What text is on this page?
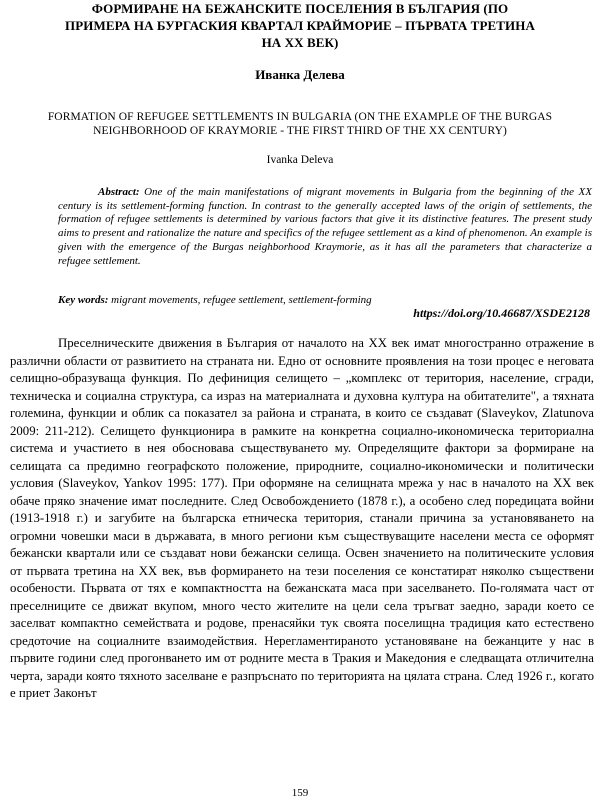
ФОРМИРАНЕ НА БЕЖАНСКИТЕ ПОСЕЛЕНИЯ В БЪЛГАРИЯ (ПО ПРИМЕРА НА БУРГАСКИЯ КВАРТАЛ КРАЙМОРИЕ – ПЪРВАТА ТРЕТИНА НА ХХ ВЕК)
Иванка Делева
FORMATION OF REFUGEE SETTLEMENTS IN BULGARIA (ON THE EXAMPLE OF THE BURGAS NEIGHBORHOOD OF KRAYMORIE - THE FIRST THIRD OF THE XX CENTURY)
Ivanka Deleva
Abstract: One of the main manifestations of migrant movements in Bulgaria from the beginning of the XX century is its settlement-forming function. In contrast to the generally accepted laws of the origin of settlements, the formation of refugee settlements is determined by various factors that give it its distinctive features. The present study aims to present and rationalize the nature and specifics of the refugee settlement as a kind of phenomenon. An example is given with the emergence of the Burgas neighborhood Kraymorie, as it has all the parameters that characterize a refugee settlement.
Key words: migrant movements, refugee settlement, settlement-forming
https://doi.org/10.46687/XSDE2128
Преселническите движения в България от началото на ХХ век имат многостранно отражение в различни области от развитието на страната ни. Едно от основните проявления на този процес е неговата селищно-образуваща функция. По дефиниция селището – „комплекс от територия, население, сгради, техническа и социална структура, са израз на материалната и духовна култура на обитателите", а тяхната големина, функции и облик са показател за района и страната, в които се създават (Slaveykov, Zlatunova 2009: 211-212). Селището функционира в рамките на конкретна социално-икономическа териториална система и участието в нея обосновава съществуването му. Определящите фактори за формиране на селищата са предимно географското положение, природните, социално-икономически и политически условия (Slaveykov, Yankov 1995: 177). При оформяне на селищната мрежа у нас в началото на ХХ век обаче пряко значение имат последните. След Освобождението (1878 г.), а особено след поредицата войни (1913-1918 г.) и загубите на българска етническа територия, станали причина за установяването на огромни човешки маси в държавата, в много региони към съществуващите населени места се оформят бежански квартали или се създават нови бежански селища. Освен значението на политическите условия от първата третина на ХХ век, във формирането на тези поселения се констатират няколко съществени особености. Първата от тях е компактността на бежанската маса при заселването. По-голямата част от преселниците се движат вкупом, много често жителите на цели села тръгват заедно, заради което се заселват компактно семействата и родове, пренасяйки тук своята поселищна традиция като естествено средоточие на социалните взаимодействия. Нерегламентираното установяване на бежанците у нас в първите години след прогонването им от родните места в Тракия и Македония е следващата отличителна черта, заради която тяхното заселване е разпръснато по територията на цялата страна. След 1926 г., когато е приет Законът
159
